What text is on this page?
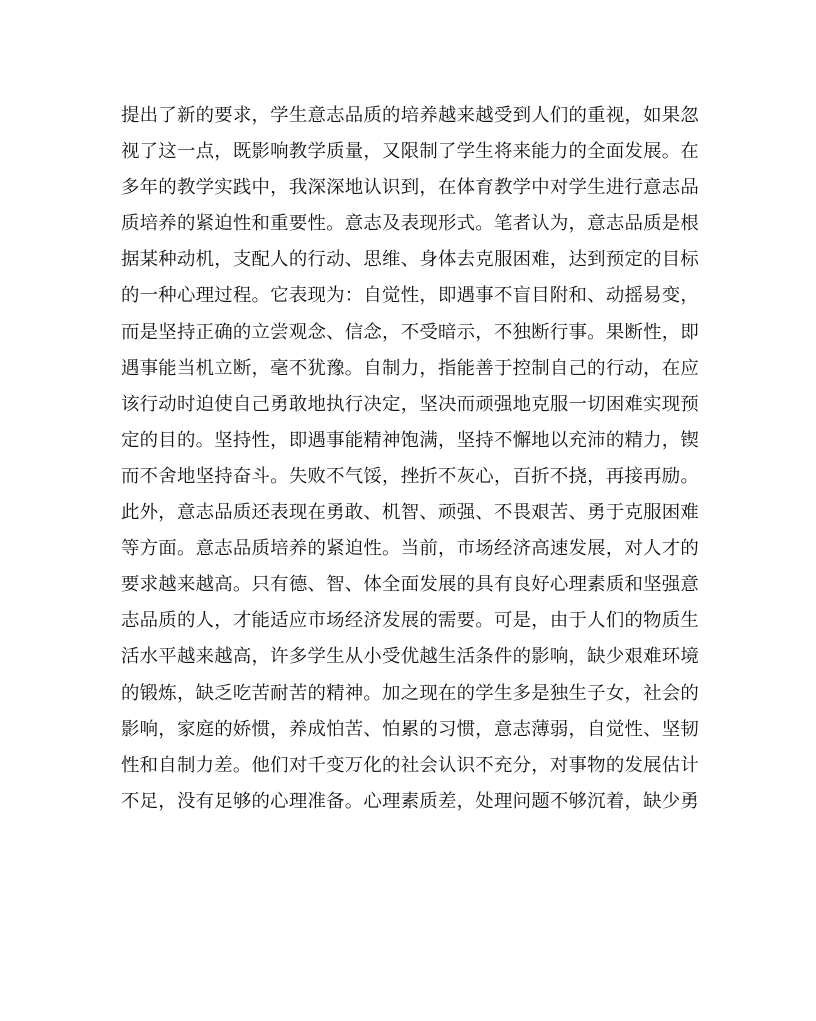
提出了新的要求，学生意志品质的培养越来越受到人们的重视，如果忽
视了这一点，既影响教学质量，又限制了学生将来能力的全面发展。在
多年的教学实践中，我深深地认识到，在体育教学中对学生进行意志品
质培养的紧迫性和重要性。意志及表现形式。笔者认为，意志品质是根
据某种动机，支配人的行动、思维、身体去克服困难，达到预定的目标
的一种心理过程。它表现为：自觉性，即遇事不盲目附和、动摇易变，
而是坚持正确的立尝观念、信念，不受暗示，不独断行事。果断性，即
遇事能当机立断，毫不犹豫。自制力，指能善于控制自己的行动，在应
该行动时迫使自己勇敢地执行决定，坚决而顽强地克服一切困难实现预
定的目的。坚持性，即遇事能精神饱满，坚持不懈地以充沛的精力，锲
而不舍地坚持奋斗。失败不气馁，挫折不灰心，百折不挠，再接再励。
此外，意志品质还表现在勇敢、机智、顽强、不畏艰苦、勇于克服困难
等方面。意志品质培养的紧迫性。当前，市场经济高速发展，对人才的
要求越来越高。只有德、智、体全面发展的具有良好心理素质和坚强意
志品质的人，才能适应市场经济发展的需要。可是，由于人们的物质生
活水平越来越高，许多学生从小受优越生活条件的影响，缺少艰难环境
的锻炼，缺乏吃苦耐苦的精神。加之现在的学生多是独生子女，社会的
影响，家庭的娇惯，养成怕苦、怕累的习惯，意志薄弱，自觉性、坚韧
性和自制力差。他们对千变万化的社会认识不充分，对事物的发展估计
不足，没有足够的心理准备。心理素质差，处理问题不够沉着，缺少勇
